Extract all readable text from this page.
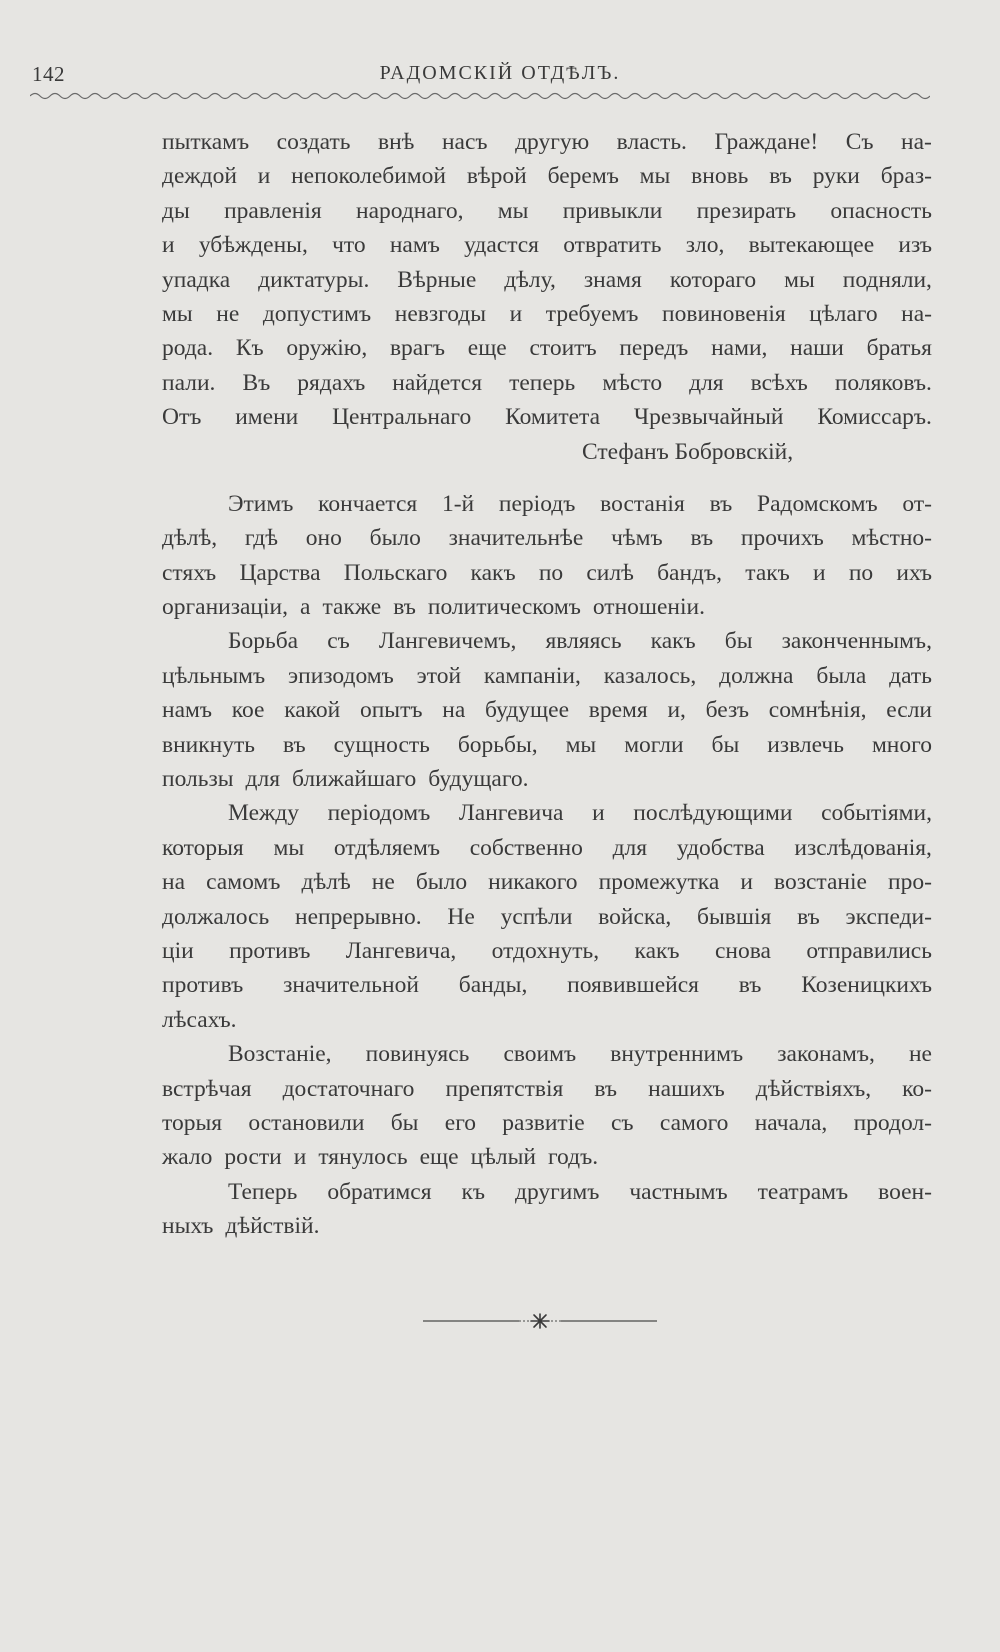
142	РАДОМСКІЙ ОТДѢЛЪ.
пыткамъ создать внѣ насъ другую власть. Граждане! Съ на-
деждой и непоколебимой вѣрой беремъ мы вновь въ руки браз-
ды правленія народнаго, мы привыкли презирать опасность
и убѣждены, что намъ удастся отвратить зло, вытекающее изъ
упадка диктатуры. Вѣрные дѣлу, знамя котораго мы подняли,
мы не допустимъ невзгоды и требуемъ повиновенія цѣлаго на-
рода. Къ оружію, врагъ еще стоитъ передъ нами, наши братья
пали. Въ рядахъ найдется теперь мѣсто для всѣхъ поляковъ.
Отъ имени Центральнаго Комитета Чрезвычайный Комиссаръ.
Стефанъ Бобровскій,
Этимъ кончается 1-й періодъ востанія въ Радомскомъ от-
дѣлѣ, гдѣ оно было значительнѣе чѣмъ въ прочихъ мѣстно-
стяхъ Царства Польскаго какъ по силѣ бандъ, такъ и по ихъ
организаціи, а также въ политическомъ отношеніи.
Борьба съ Лангевичемъ, являясь какъ бы законченнымъ,
цѣльнымъ эпизодомъ этой кампаніи, казалось, должна была дать
намъ кое какой опытъ на будущее время и, безъ сомнѣнія, если
вникнуть въ сущность борьбы, мы могли бы извлечь много
пользы для ближайшаго будущаго.
Между періодомъ Лангевича и послѣдующими событіями,
которыя мы отдѣляемъ собственно для удобства изслѣдованія,
на самомъ дѣлѣ не было никакого промежутка и возстаніе про-
должалось непрерывно. Не успѣли войска, бывшія въ экспеди-
ціи противъ Лангевича, отдохнуть, какъ снова отправились
противъ значительной банды, появившейся въ Козеницкихъ
лѣсахъ.
Возстаніе, повинуясь своимъ внутреннимъ законамъ, не
встрѣчая достаточнаго препятствія въ нашихъ дѣйствіяхъ, ко-
торыя остановили бы его развитіе съ самого начала, продол-
жало рости и тянулось еще цѣлый годъ.
Теперь обратимся къ другимъ частнымъ театрамъ воен-
ныхъ дѣйствій.
